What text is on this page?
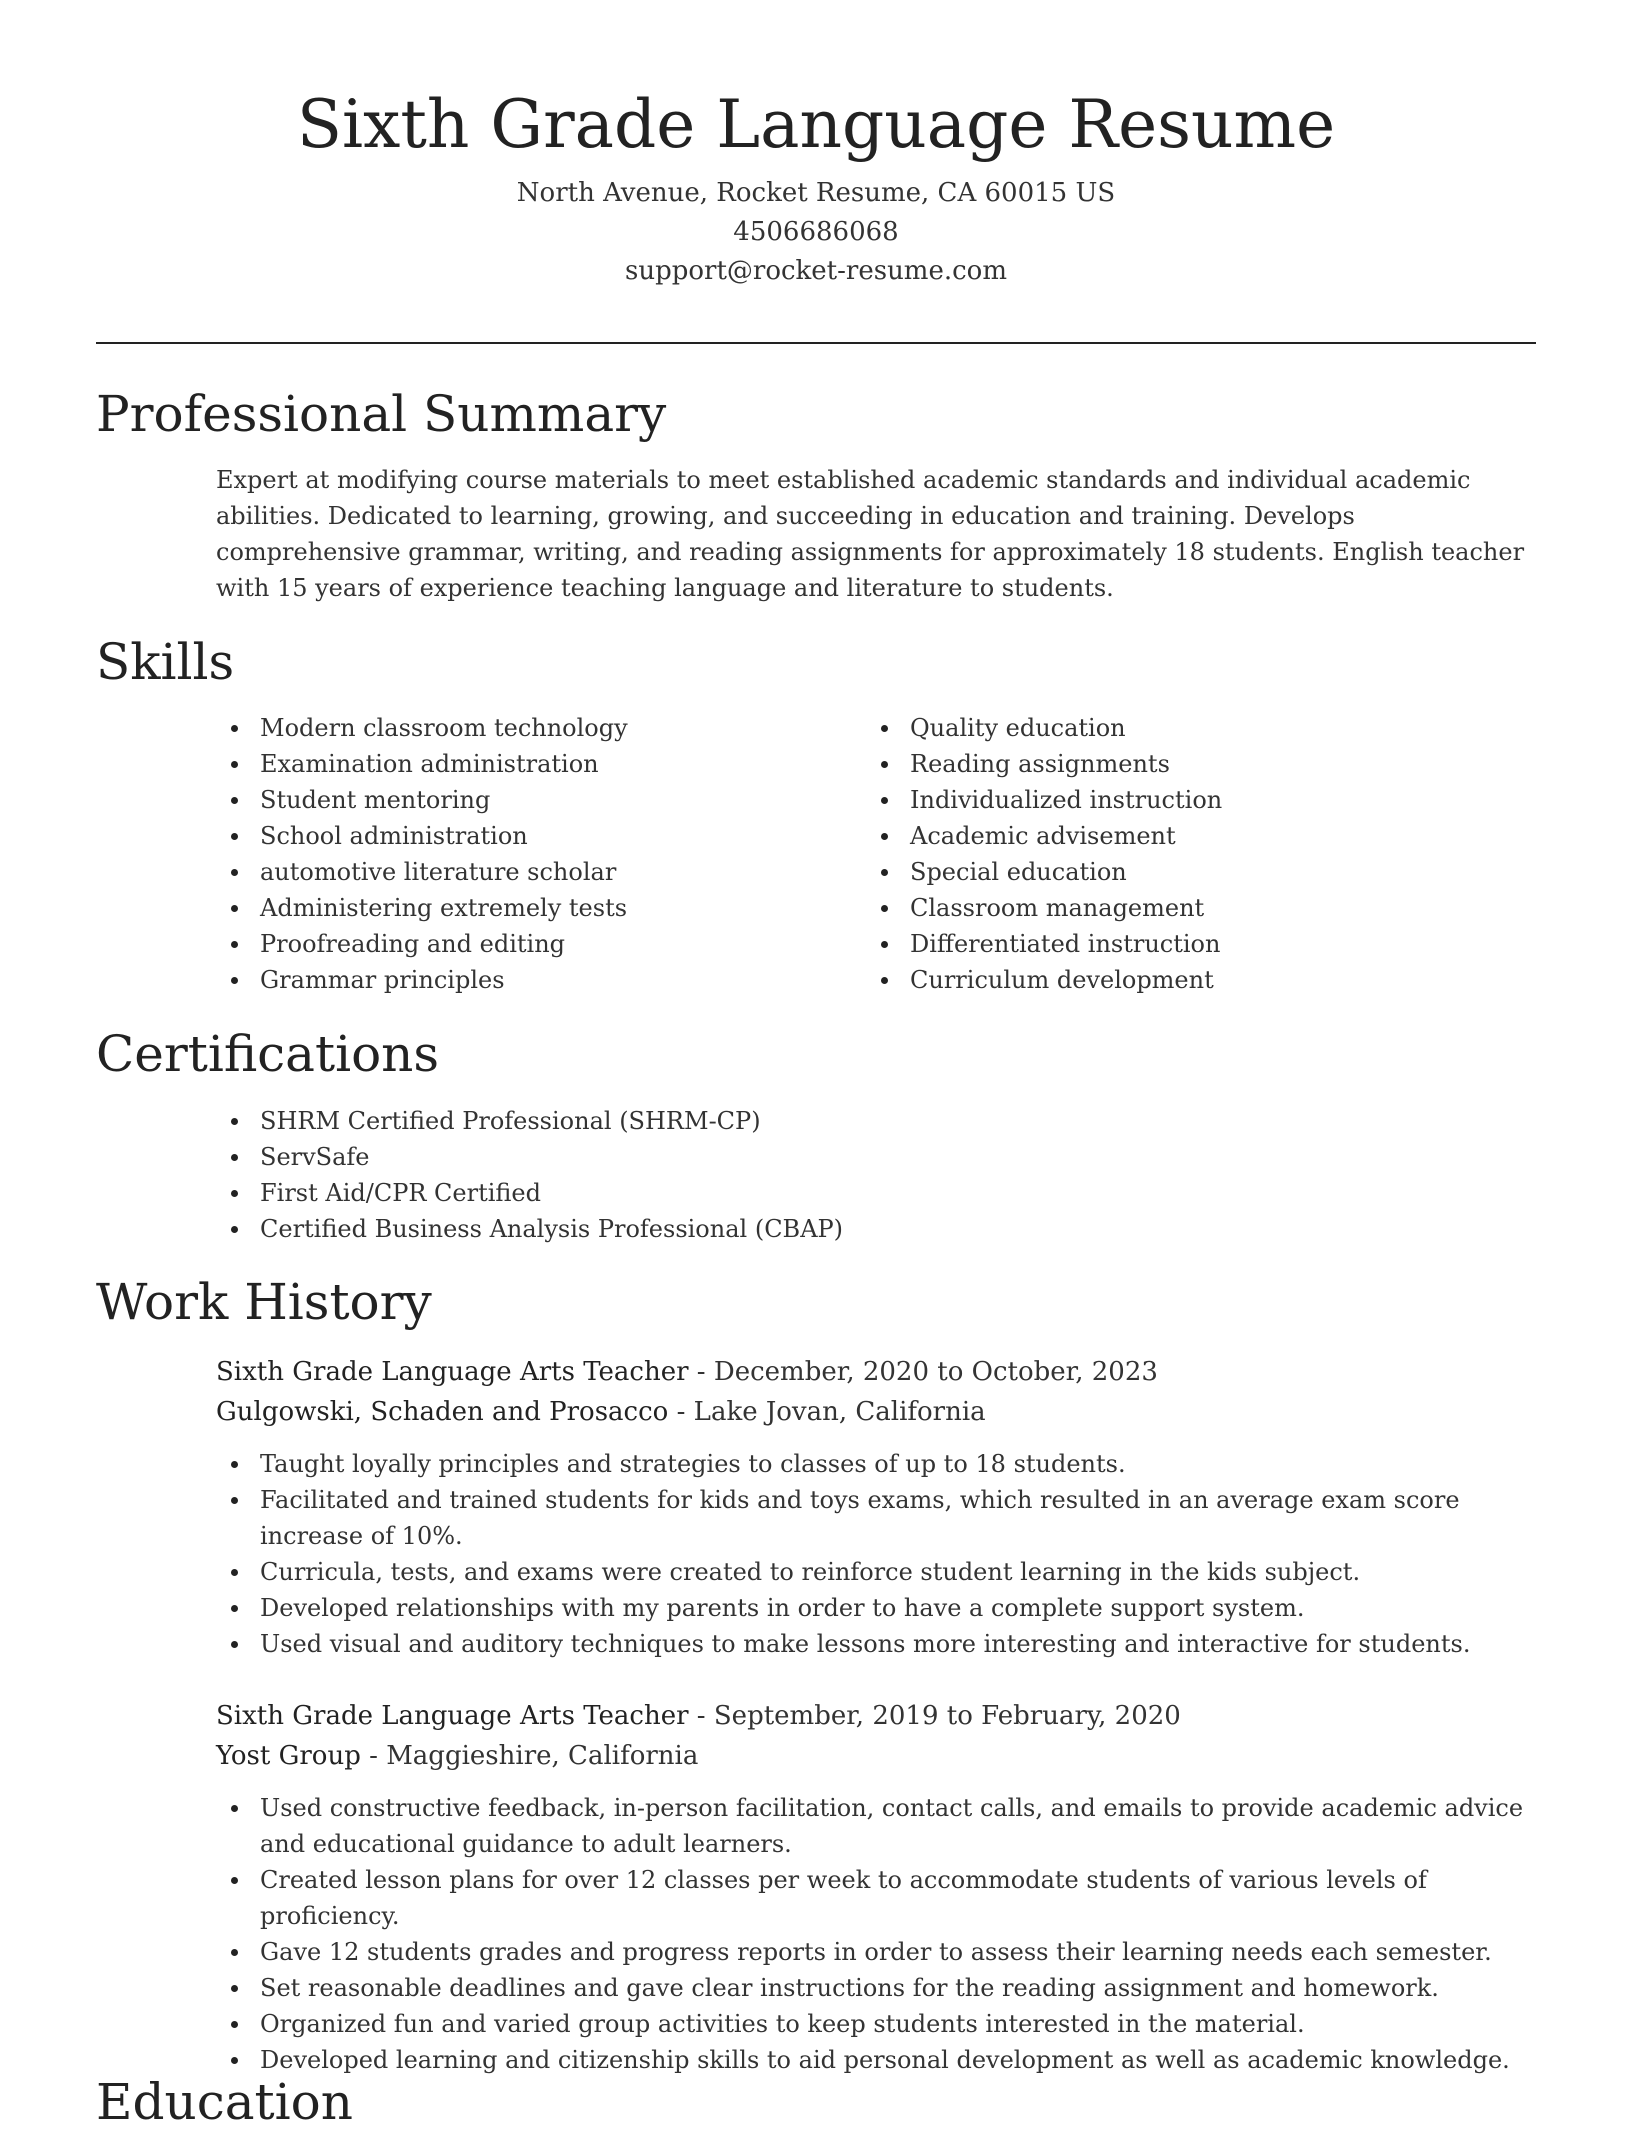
Sixth Grade Language Resume
North Avenue, Rocket Resume, CA 60015 US
4506686068
support@rocket-resume.com
Professional Summary

Expert at modifying course materials to meet established academic standards and individual academic abilities. Dedicated to learning, growing, and succeeding in education and training. Develops comprehensive grammar, writing, and reading assignments for approximately 18 students. English teacher with 15 years of experience teaching language and literature to students.

Skills
Modern classroom technology
Examination administration
Student mentoring
School administration
automotive literature scholar
Administering extremely tests
Proofreading and editing
Grammar principles
Quality education
Reading assignments
Individualized instruction
Academic advisement
Special education
Classroom management
Differentiated instruction
Curriculum development
Certifications
SHRM Certified Professional (SHRM-CP)
ServSafe
First Aid/CPR Certified
Certified Business Analysis Professional (CBAP)
Work History
Sixth Grade Language Arts Teacher - December, 2020 to October, 2023
Gulgowski, Schaden and Prosacco - Lake Jovan, California
Taught loyally principles and strategies to classes of up to 18 students.
Facilitated and trained students for kids and toys exams, which resulted in an average exam score increase of 10%.
Curricula, tests, and exams were created to reinforce student learning in the kids subject.
Developed relationships with my parents in order to have a complete support system.
Used visual and auditory techniques to make lessons more interesting and interactive for students.
Sixth Grade Language Arts Teacher - September, 2019 to February, 2020
Yost Group - Maggieshire, California
Used constructive feedback, in-person facilitation, contact calls, and emails to provide academic advice and educational guidance to adult learners.
Created lesson plans for over 12 classes per week to accommodate students of various levels of proficiency.
Gave 12 students grades and progress reports in order to assess their learning needs each semester.
Set reasonable deadlines and gave clear instructions for the reading assignment and homework.
Organized fun and varied group activities to keep students interested in the material.
Developed learning and citizenship skills to aid personal development as well as academic knowledge.
Education
